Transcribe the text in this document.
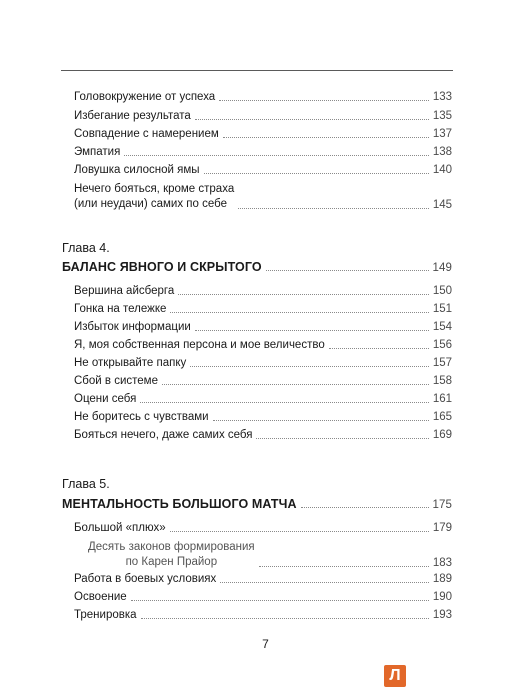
Головокружение от успеха	133
Избегание результата	135
Совпадение с намерением	137
Эмпатия	138
Ловушка силосной ямы	140
Нечего бояться, кроме страха
(или неудачи) самих по себе	145
Глава 4.
БАЛАНС ЯВНОГО И СКРЫТОГО	149
Вершина айсберга	150
Гонка на тележке	151
Избыток информации	154
Я, моя собственная персона и мое величество	156
Не открывайте папку	157
Сбой в системе	158
Оцени себя	161
Не боритесь с чувствами	165
Бояться нечего, даже самих себя	169
Глава 5.
МЕНТАЛЬНОСТЬ БОЛЬШОГО МАТЧА	175
Большой «плюх»	179
Десять законов формирования
по Карен Прайор	183
Работа в боевых условиях	189
Освоение	190
Тренировка	193
7
Л
